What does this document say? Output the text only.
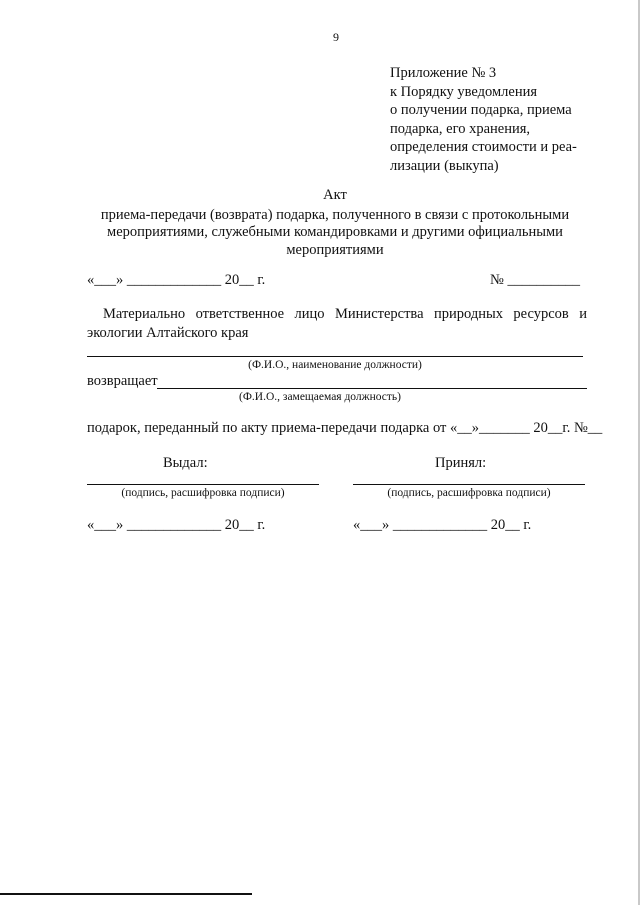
9
Приложение № 3
к Порядку уведомления
о получении подарка, приема
подарка, его хранения,
определения стоимости и реа-
лизации (выкупа)
Акт
приема-передачи (возврата) подарка, полученного в связи с протокольными
мероприятиями, служебными командировками и другими официальными
мероприятиями
«___» _____________ 20__ г.	№ __________
Материально ответственное лицо Министерства природных ресурсов и
экологии Алтайского края
(Ф.И.О., наименование должности)
возвращает
(Ф.И.О., замещаемая должность)
подарок, переданный по акту приема-передачи подарка от «__»_______ 20__г. №__
Выдал:	Принял:
(подпись, расшифровка подписи)	(подпись, расшифровка подписи)
«___» _____________ 20__ г.	«___» _____________ 20__ г.
